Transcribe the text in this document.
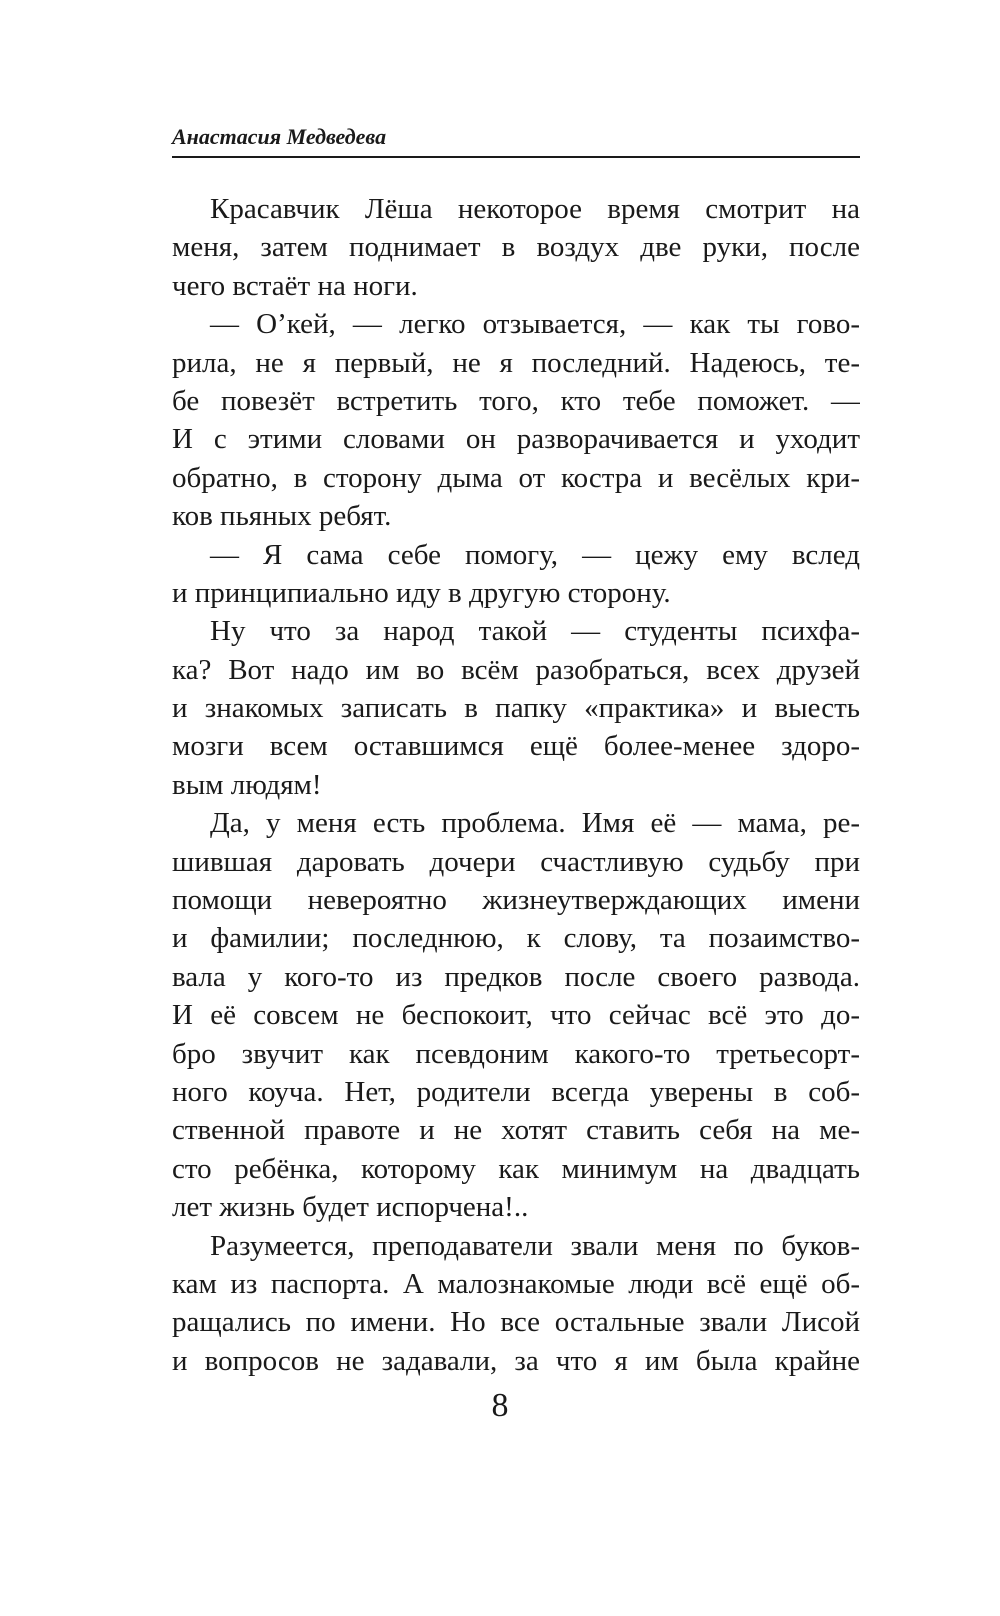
Анастасия Медведева
Красавчик Лёша некоторое время смотрит на
меня, затем поднимает в воздух две руки, после
чего встаёт на ноги.
— О’кей, — легко отзывается, — как ты гово-
рила, не я первый, не я последний. Надеюсь, те-
бе повезёт встретить того, кто тебе поможет. —
И с этими словами он разворачивается и уходит
обратно, в сторону дыма от костра и весёлых кри-
ков пьяных ребят.
— Я сама себе помогу, — цежу ему вслед
и принципиально иду в другую сторону.
Ну что за народ такой — студенты психфа-
ка? Вот надо им во всём разобраться, всех друзей
и знакомых записать в папку «практика» и выесть
мозги всем оставшимся ещё более-менее здоро-
вым людям!
Да, у меня есть проблема. Имя её — мама, ре-
шившая даровать дочери счастливую судьбу при
помощи невероятно жизнеутверждающих имени
и фамилии; последнюю, к слову, та позаимство-
вала у кого-то из предков после своего развода.
И её совсем не беспокоит, что сейчас всё это до-
бро звучит как псевдоним какого-то третьесорт-
ного коуча. Нет, родители всегда уверены в соб-
ственной правоте и не хотят ставить себя на ме-
сто ребёнка, которому как минимум на двадцать
лет жизнь будет испорчена!..
Разумеется, преподаватели звали меня по буков-
кам из паспорта. А малознакомые люди всё ещё об-
ращались по имени. Но все остальные звали Лисой
и вопросов не задавали, за что я им была крайне
8
